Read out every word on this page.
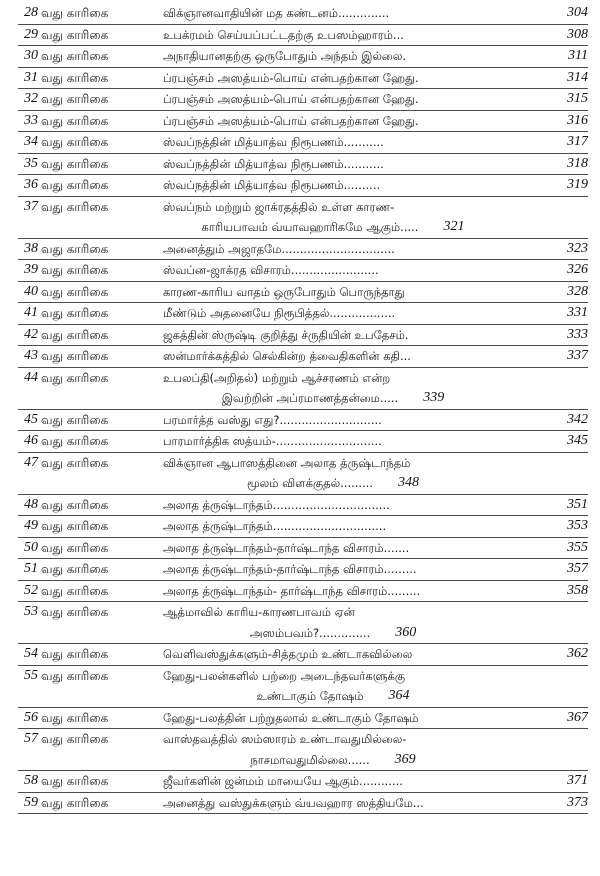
28 வது காரிகை	விக்ஞானவாதியின் மத கண்டனம்..............	304
29 வது காரிகை	உபக்ரமம் செய்யப்பட்டதற்கு உபஸம்ஹாரம்...	308
30 வது காரிகை	அநாதியானதற்கு ஒருபோதும் அந்தம் இல்லை.	311
31 வது காரிகை	ப்ரபஞ்சம் அஸத்யம்-பொய் என்பதற்கான ஹேது.	314
32 வது காரிகை	ப்ரபஞ்சம் அஸத்யம்-பொய் என்பதற்கான ஹேது.	315
33 வது காரிகை	ப்ரபஞ்சம் அஸத்யம்-பொய் என்பதற்கான ஹேது.	316
34 வது காரிகை	ஸ்வப்நத்தின் மித்யாத்வ நிரூபணம்...........	317
35 வது காரிகை	ஸ்வப்நத்தின் மித்யாத்வ நிரூபணம்...........	318
36 வது காரிகை	ஸ்வப்நத்தின் மித்யாத்வ நிரூபணம்..........	319
37 வது காரிகை	ஸ்வப்நம் மற்றும் ஜாக்ரதத்தில் உள்ள காரண-
காரியபாவம் வ்யாவஹாரிகமே ஆகும்.....	321
38 வது காரிகை	அனைத்தும் அஜாதமே...............................	323
39 வது காரிகை	ஸ்வப்ன-ஜாக்ரத விசாரம்........................	326
40 வது காரிகை	காரண-காரிய வாதம் ஒருபோதும் பொருந்தாது	328
41 வது காரிகை	மீண்டும் அதனையே நிரூபித்தல்..................	331
42 வது காரிகை	ஜகத்தின் ஸ்ருஷ்டி குறித்து ச்ருதியின் உபதேசம்.	333
43 வது காரிகை	ஸன்மார்க்கத்தில் செல்கின்ற த்வைதிகளின் கதி...	337
44 வது காரிகை	உபலப்தி(அறிதல்) மற்றும் ஆச்சரணம் என்ற
இவற்றின் அப்ரமாணத்தன்மை.....	339
45 வது காரிகை	பரமார்த்த வஸ்து எது?............................	342
46 வது காரிகை	பாரமார்த்திக ஸத்யம்-.............................	345
47 வது காரிகை	விக்ஞான ஆபாஸத்தினை அலாத த்ருஷ்டாந்தம்
மூலம் விளக்குதல்.........	348
48 வது காரிகை	அலாத த்ருஷ்டாந்தம்................................	351
49 வது காரிகை	அலாத த்ருஷ்டாந்தம்...............................	353
50 வது காரிகை	அலாத த்ருஷ்டாந்தம்-தார்ஷ்டாந்த விசாரம்.......	355
51 வது காரிகை	அலாத த்ருஷ்டாந்தம்-தார்ஷ்டாந்த விசாரம்.........	357
52 வது காரிகை	அலாத த்ருஷ்டாந்தம்- தார்ஷ்டாந்த விசாரம்.........	358
53 வது காரிகை	ஆத்மாவில் காரிய-காரணபாவம் ஏன்
அஸம்பவம்?..............	360
54 வது காரிகை	வெளிவஸ்துக்களும்-சித்தமும் உண்டாகவில்லை	362
55 வது காரிகை	ஹேது-பலன்களில் பற்றை அடைந்தவர்களுக்கு
உண்டாகும் தோஷம்	364
56 வது காரிகை	ஹேது-பலத்தின் பற்றுதலால் உண்டாகும் தோஷம்	367
57 வது காரிகை	வாஸ்தவத்தில் ஸம்ஸாரம் உண்டாவதுமில்லை-
நாசமாவதுமில்லை......	369
58 வது காரிகை	ஜீவர்களின் ஜன்மம் மாயையே ஆகும்............	371
59 வது காரிகை	அனைத்து வஸ்துக்களும் வ்யவஹார ஸத்தியமே...	373
